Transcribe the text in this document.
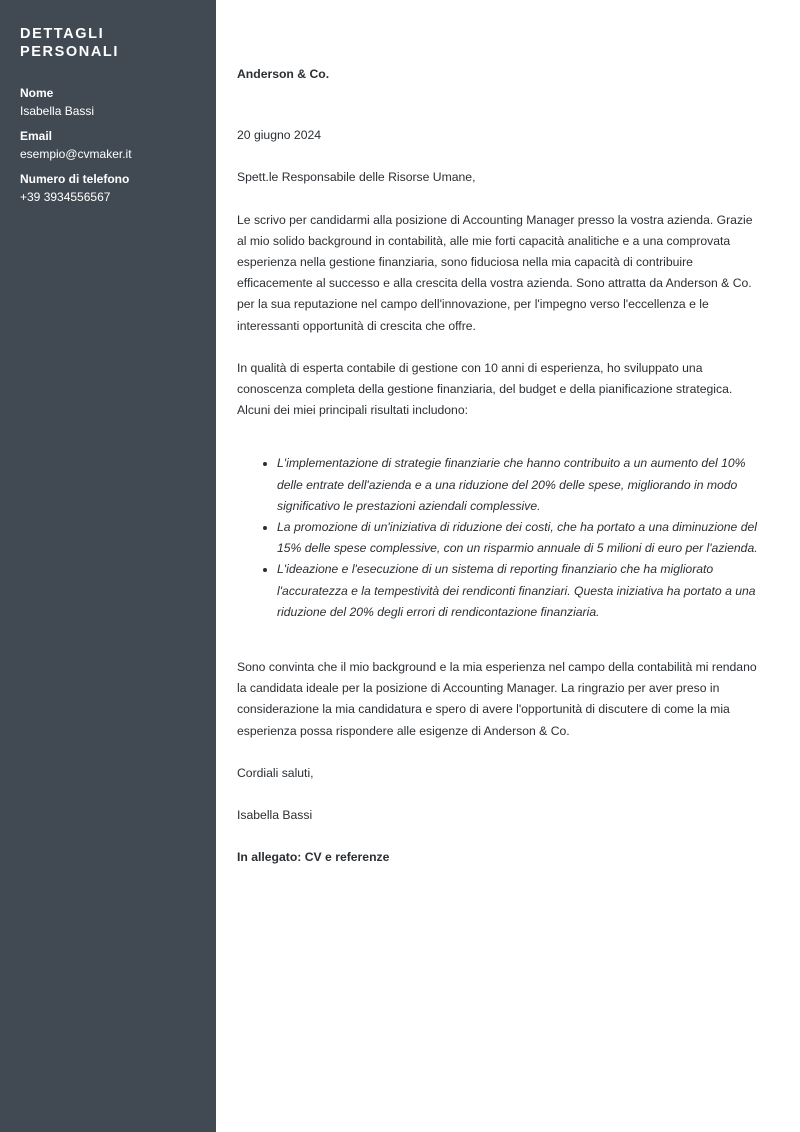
DETTAGLI PERSONALI
Nome
Isabella Bassi
Email
esempio@cvmaker.it
Numero di telefono
+39 3934556567

Anderson & Co.

20 giugno 2024

Spett.le Responsabile delle Risorse Umane,

Le scrivo per candidarmi alla posizione di Accounting Manager presso la vostra azienda. Grazie al mio solido background in contabilità, alle mie forti capacità analitiche e a una comprovata esperienza nella gestione finanziaria, sono fiduciosa nella mia capacità di contribuire efficacemente al successo e alla crescita della vostra azienda. Sono attratta da Anderson & Co. per la sua reputazione nel campo dell'innovazione, per l'impegno verso l'eccellenza e le interessanti opportunità di crescita che offre.

In qualità di esperta contabile di gestione con 10 anni di esperienza, ho sviluppato una conoscenza completa della gestione finanziaria, del budget e della pianificazione strategica. Alcuni dei miei principali risultati includono:

• L'implementazione di strategie finanziarie che hanno contribuito a un aumento del 10% delle entrate dell'azienda e a una riduzione del 20% delle spese, migliorando in modo significativo le prestazioni aziendali complessive.
• La promozione di un'iniziativa di riduzione dei costi, che ha portato a una diminuzione del 15% delle spese complessive, con un risparmio annuale di 5 milioni di euro per l'azienda.
• L'ideazione e l'esecuzione di un sistema di reporting finanziario che ha migliorato l'accuratezza e la tempestività dei rendiconti finanziari. Questa iniziativa ha portato a una riduzione del 20% degli errori di rendicontazione finanziaria.

Sono convinta che il mio background e la mia esperienza nel campo della contabilità mi rendano la candidata ideale per la posizione di Accounting Manager. La ringrazio per aver preso in considerazione la mia candidatura e spero di avere l'opportunità di discutere di come la mia esperienza possa rispondere alle esigenze di Anderson & Co.

Cordiali saluti,

Isabella Bassi

In allegato: CV e referenze
